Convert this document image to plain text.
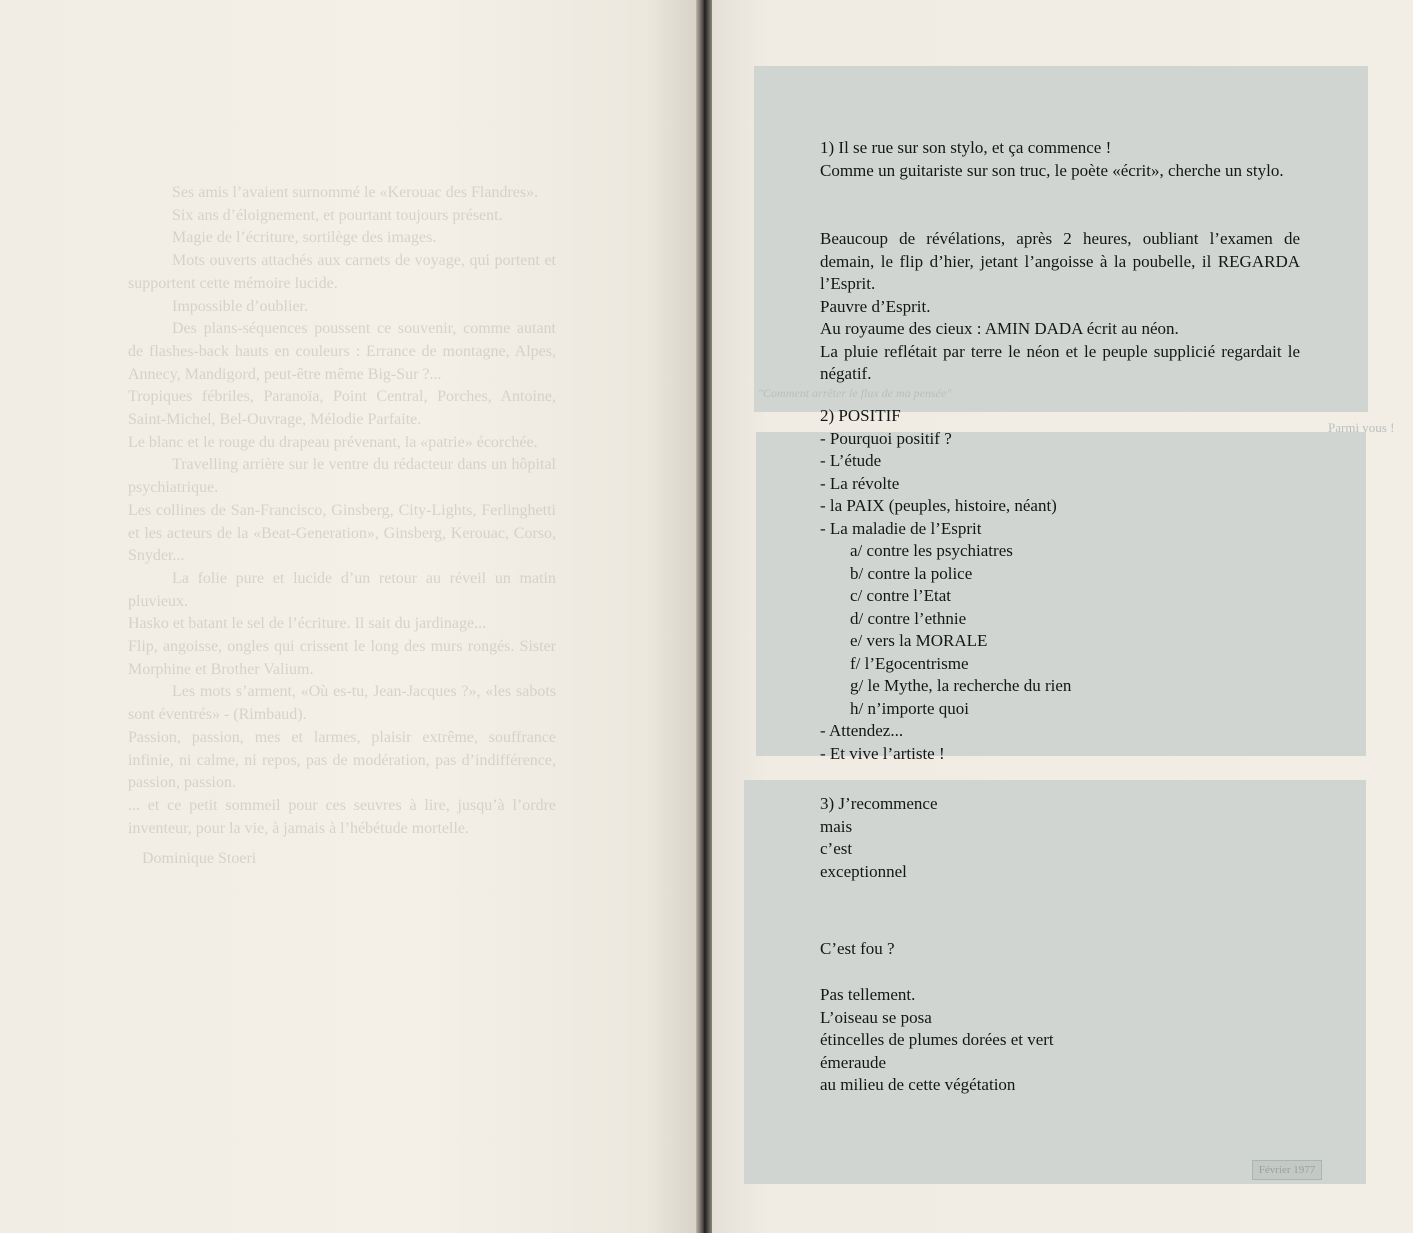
Ses amis l’avaient surnommé le «Kerouac des Flandres».

Six ans d’éloignement, et pourtant toujours présent.

Magie de l’écriture, sortilège des images.

Mots ouverts attachés aux carnets de voyage, qui portent et supportent cette mémoire lucide.

Impossible d’oublier.

Des plans-séquences poussent ce souvenir, comme autant de flashes-back hauts en couleurs : Errance de montagne, Alpes, Annecy, Mandigord, peut-être même Big-Sur ?...

Tropiques fébriles, Paranoïa, Point Central, Porches, Antoine, Saint-Michel, Bel-Ouvrage, Mélodie Parfaite.

Le blanc et le rouge du drapeau prévenant, la «patrie» écorchée.

Travelling arrière sur le ventre du rédacteur dans un hôpital psychiatrique.

Les collines de San-Francisco, Ginsberg, City-Lights, Ferlinghetti et les acteurs de la «Beat-Generation», Ginsberg, Kerouac, Corso, Snyder...

La folie pure et lucide d’un retour au réveil un matin pluvieux.

Hasko et batant le sel de l’écriture. Il sait du jardinage...

Flip, angoisse, ongles qui crissent le long des murs rongés. Sister Morphine et Brother Valium.

Les mots s’arment, «Où es-tu, Jean-Jacques ?», «les sabots sont éventrés» - (Rimbaud).

Passion, passion, mes et larmes, plaisir extrême, souffrance infinie, ni calme, ni repos, pas de modération, pas d’indifférence, passion, passion.

... et ce petit sommeil pour ces seuvres à lire, jusqu’à l’ordre inventeur, pour la vie, à jamais à l’hébétude mortelle.

Dominique Stoeri

"Comment arrêter le flux de ma pensée"
Parmi vous !
Février 1977
1) Il se rue sur son stylo, et ça commence !
Comme un guitariste sur son truc, le poète «écrit», cherche un stylo.
Beaucoup de révélations, après 2 heures, oubliant l’examen de demain, le flip d’hier, jetant l’angoisse à la poubelle, il REGARDA l’Esprit.
Pauvre d’Esprit.
Au royaume des cieux : AMIN DADA écrit au néon.
La pluie reflétait par terre le néon et le peuple supplicié regardait le négatif.
2) POSITIF
- Pourquoi positif ?
- L’étude
- La révolte
- la PAIX (peuples, histoire, néant)
- La maladie de l’Esprit
a/ contre les psychiatres
b/ contre la police
c/ contre l’Etat
d/ contre l’ethnie
e/ vers la MORALE
f/ l’Egocentrisme
g/ le Mythe, la recherche du rien
h/ n’importe quoi
- Attendez...
- Et vive l’artiste !
3) J’recommence
mais
c’est
exceptionnel
C’est fou ?
Pas tellement.
L’oiseau se posa
étincelles de plumes dorées et vert
émeraude
au milieu de cette végétation
